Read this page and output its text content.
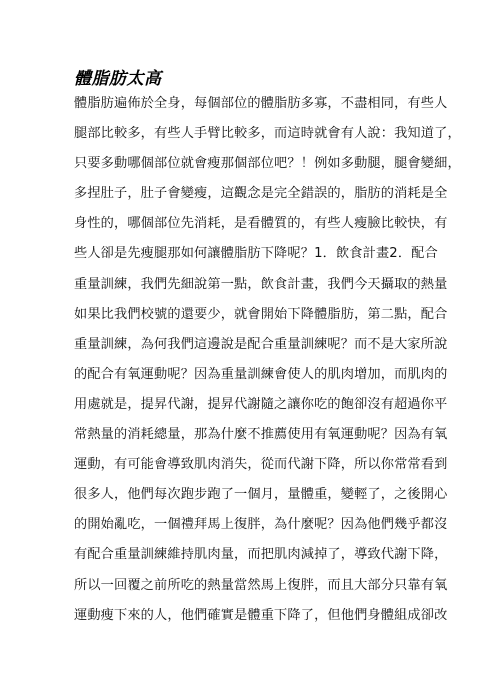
體脂肪太高
體脂肪遍佈於全身，每個部位的體脂肪多寡，不盡相同，有些人
腿部比較多，有些人手臂比較多，而這時就會有人說：我知道了，
只要多動哪個部位就會瘦那個部位吧？！例如多動腿，腿會變細，
多捏肚子，肚子會變瘦，這觀念是完全錯誤的，脂肪的消耗是全
身性的，哪個部位先消耗，是看體質的，有些人瘦臉比較快，有
些人卻是先瘦腿那如何讓體脂肪下降呢？1．飲食計畫2．配合
重量訓練，我們先細說第一點，飲食計畫，我們今天攝取的熱量
如果比我們校號的還要少，就會開始下降體脂肪，第二點，配合
重量訓練，為何我們這邊說是配合重量訓練呢？而不是大家所說
的配合有氧運動呢？因為重量訓練會使人的肌肉增加，而肌肉的
用處就是，提昇代謝，提昇代謝隨之讓你吃的飽卻沒有超過你平
常熱量的消耗總量，那為什麼不推薦使用有氧運動呢？因為有氧
運動，有可能會導致肌肉消失，從而代謝下降，所以你常常看到
很多人，他們每次跑步跑了一個月，量體重，變輕了，之後開心
的開始亂吃，一個禮拜馬上復胖，為什麼呢？因為他們幾乎都沒
有配合重量訓練維持肌肉量，而把肌肉減掉了，導致代謝下降，
所以一回覆之前所吃的熱量當然馬上復胖，而且大部分只靠有氧
運動瘦下來的人，他們確實是體重下降了，但他們身體組成卻改
